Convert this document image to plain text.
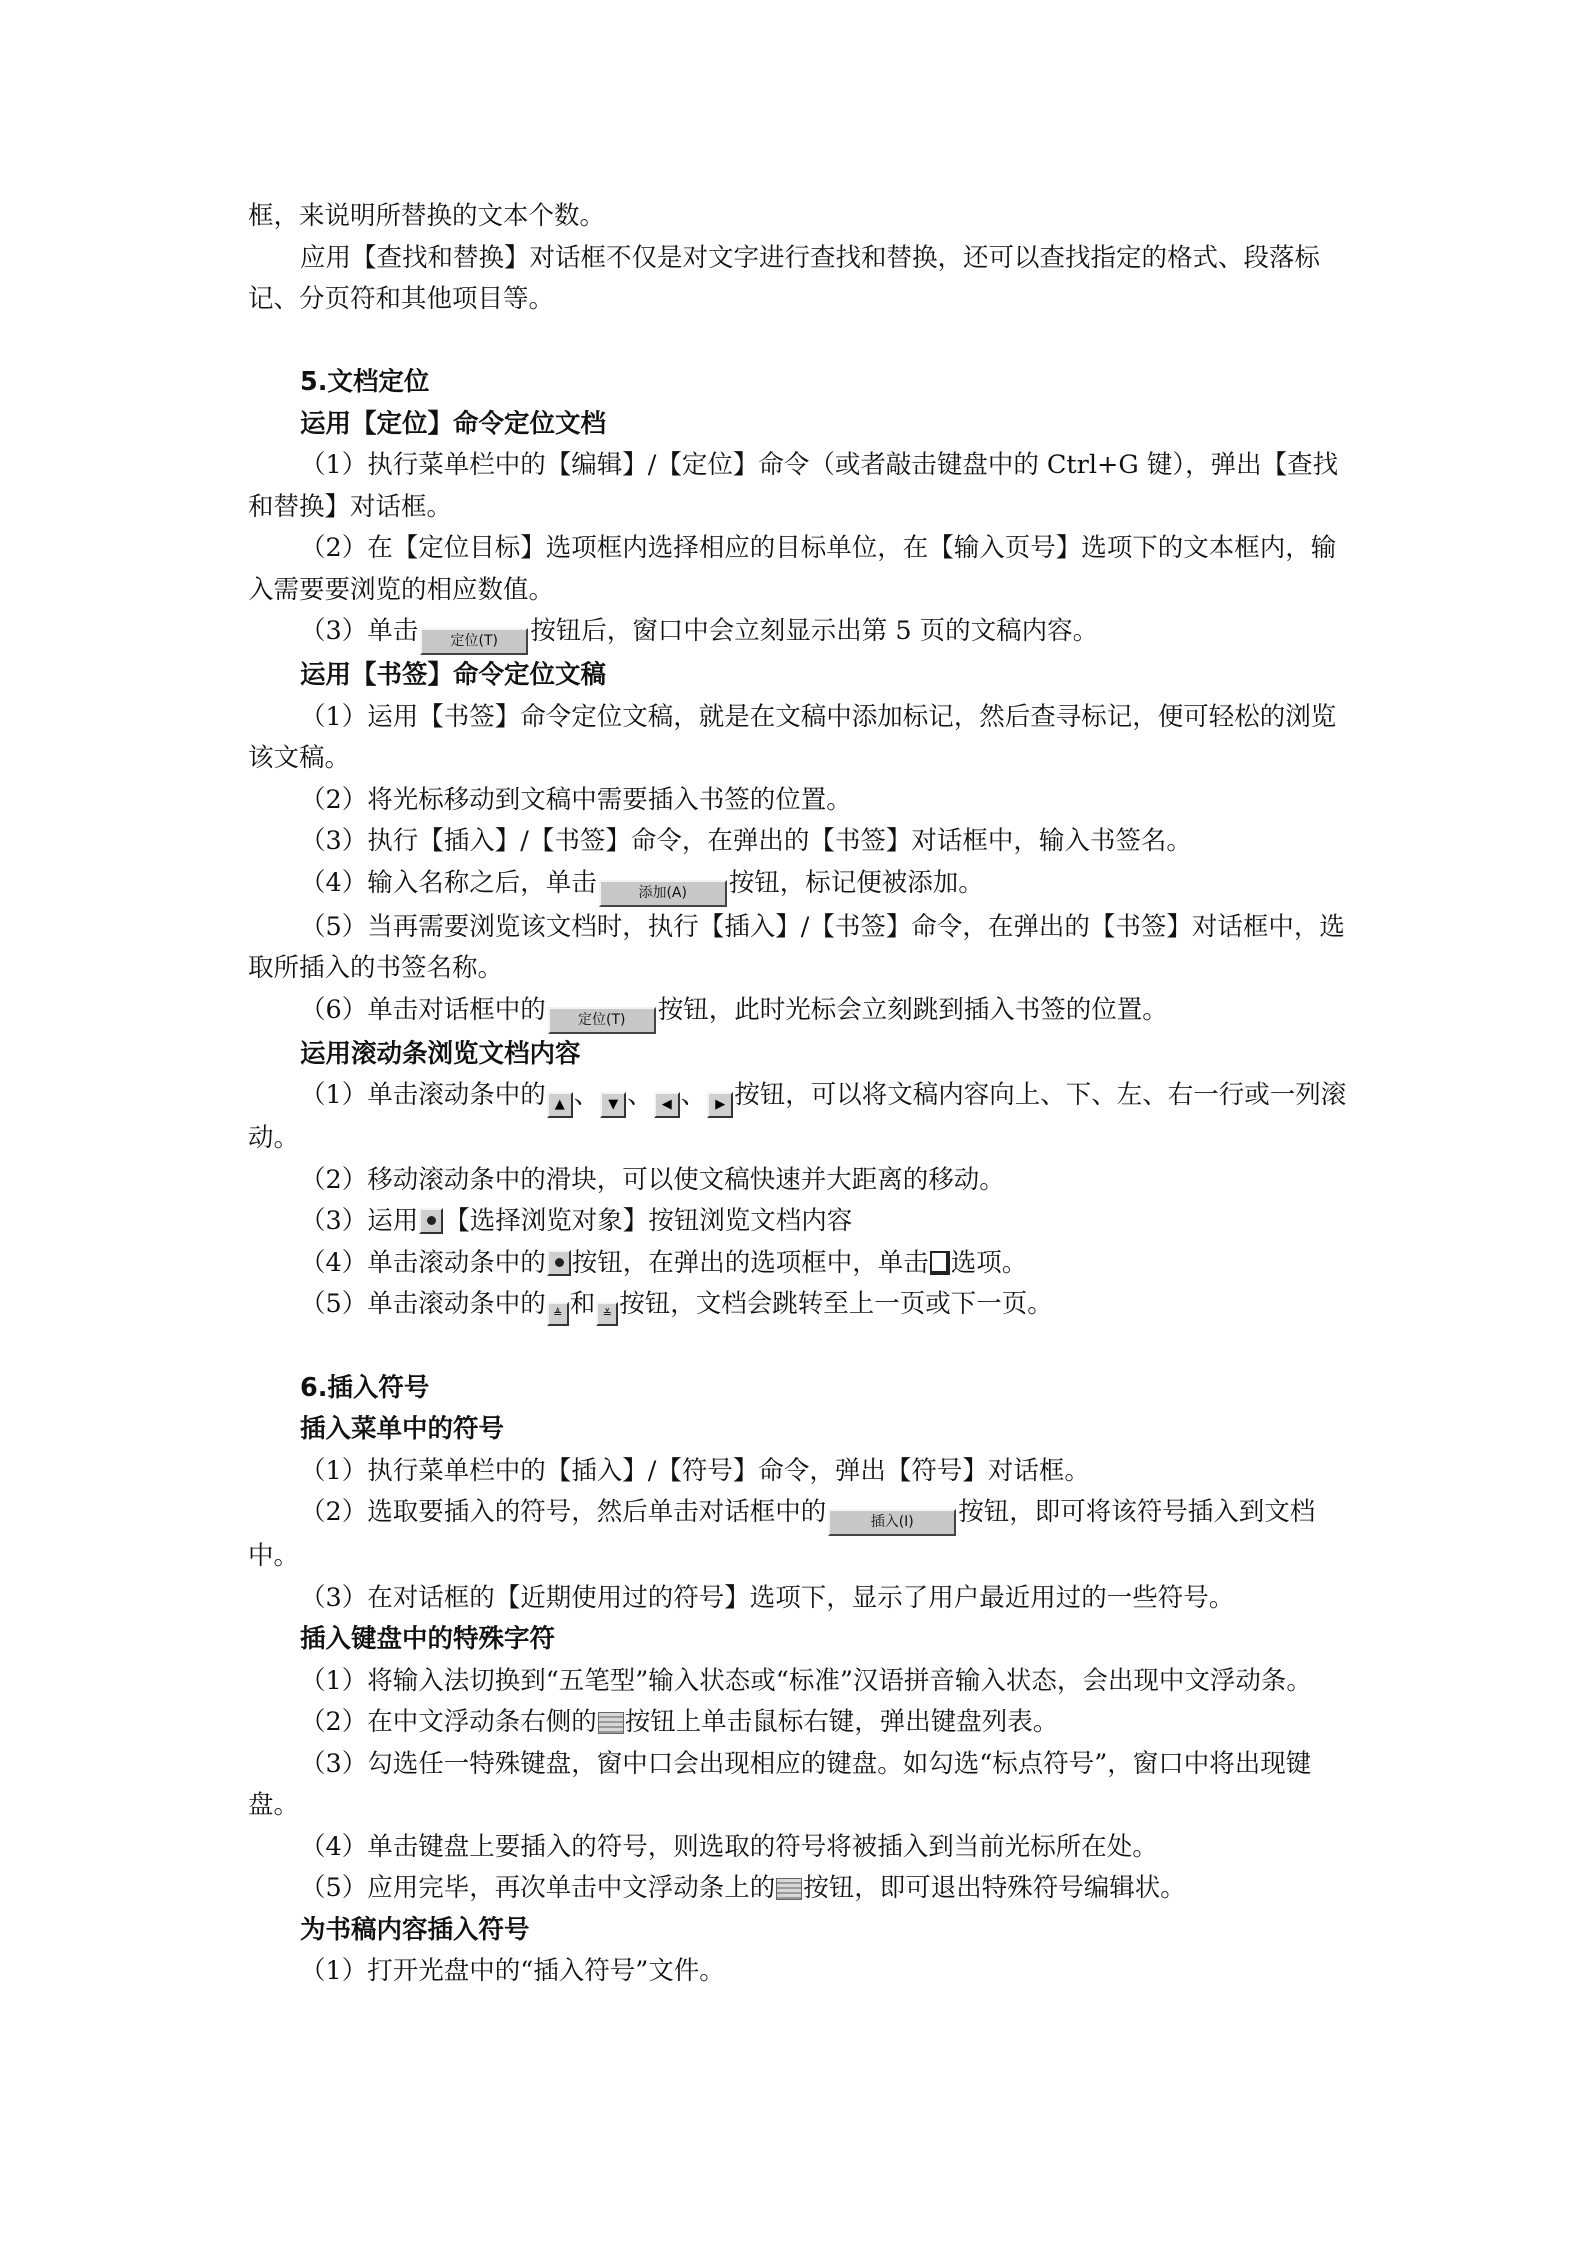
框，来说明所替换的文本个数。

应用【查找和替换】对话框不仅是对文字进行查找和替换，还可以查找指定的格式、段落标记、分页符和其他项目等。

5.文档定位

运用【定位】命令定位文档

（1）执行菜单栏中的【编辑】/【定位】命令（或者敲击键盘中的 Ctrl+G 键），弹出【查找和替换】对话框。

（2）在【定位目标】选项框内选择相应的目标单位，在【输入页号】选项下的文本框内，输入需要要浏览的相应数值。

（3）单击 定位(T) 按钮后，窗口中会立刻显示出第 5 页的文稿内容。

运用【书签】命令定位文稿

（1）运用【书签】命令定位文稿，就是在文稿中添加标记，然后查寻标记，便可轻松的浏览该文稿。

（2）将光标移动到文稿中需要插入书签的位置。

（3）执行【插入】/【书签】命令，在弹出的【书签】对话框中，输入书签名。

（4）输入名称之后，单击	添加(A) 按钮，标记便被添加。

（5）当再需要浏览该文档时，执行【插入】/【书签】命令，在弹出的【书签】对话框中，选取所插入的书签名称。

（6）单击对话框中的 定位(T) 按钮，此时光标会立刻跳到插入书签的位置。

运用滚动条浏览文档内容

（1）单击滚动条中的 ▲ 、 ▼ 、 ◀ 、 ▶ 按钮，可以将文稿内容向上、下、左、右一行或一列滚动。

（2）移动滚动条中的滑块，可以使文稿快速并大距离的移动。

（3）运用 【选择浏览对象】按钮浏览文档内容

（4）单击滚动条中的 按钮，在弹出的选项框中，单击 选项。

（5）单击滚动条中的 ≜ 和 ≚ 按钮，文档会跳转至上一页或下一页。

6.插入符号

插入菜单中的符号

（1）执行菜单栏中的【插入】/【符号】命令，弹出【符号】对话框。

（2）选取要插入的符号，然后单击对话框中的	插入(I) 按钮，即可将该符号插入到文档中。

（3）在对话框的【近期使用过的符号】选项下，显示了用户最近用过的一些符号。

插入键盘中的特殊字符

（1）将输入法切换到“五笔型”输入状态或“标准”汉语拼音输入状态，会出现中文浮动条。

（2）在中文浮动条右侧的 按钮上单击鼠标右键，弹出键盘列表。

（3）勾选任一特殊键盘，窗中口会出现相应的键盘。如勾选“标点符号”，窗口中将出现键盘。

（4）单击键盘上要插入的符号，则选取的符号将被插入到当前光标所在处。

（5）应用完毕，再次单击中文浮动条上的 按钮，即可退出特殊符号编辑状。

为书稿内容插入符号

（1）打开光盘中的“插入符号”文件。
